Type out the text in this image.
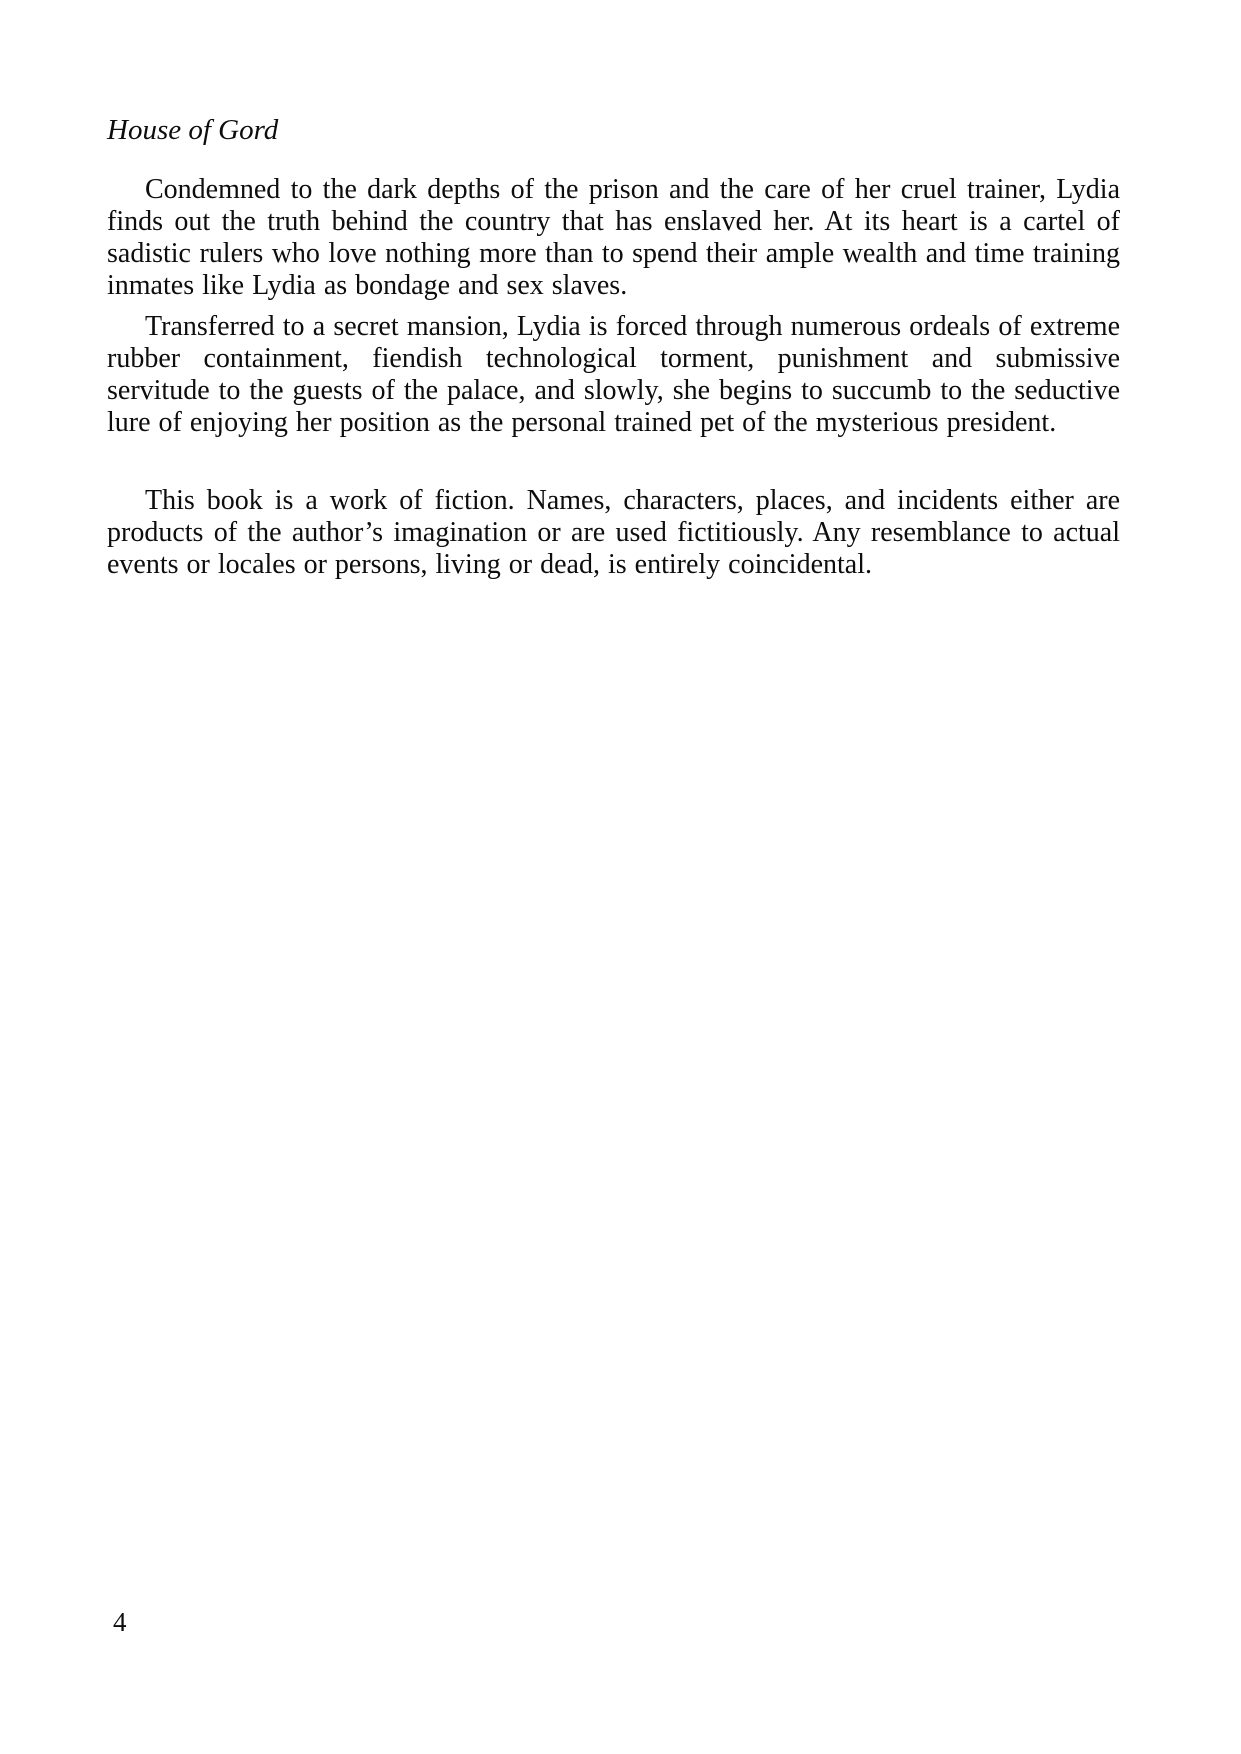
House of Gord

Condemned to the dark depths of the prison and the care of her cruel trainer, Lydia finds out the truth behind the country that has enslaved her. At its heart is a cartel of sadistic rulers who love nothing more than to spend their ample wealth and time training inmates like Lydia as bondage and sex slaves.

Transferred to a secret mansion, Lydia is forced through numerous ordeals of extreme rubber containment, fiendish technological torment, punishment and submissive servitude to the guests of the palace, and slowly, she begins to succumb to the seductive lure of enjoying her position as the personal trained pet of the mysterious president.

This book is a work of fiction. Names, characters, places, and incidents either are products of the author’s imagination or are used fictitiously. Any resemblance to actual events or locales or persons, living or dead, is entirely coincidental.

4
